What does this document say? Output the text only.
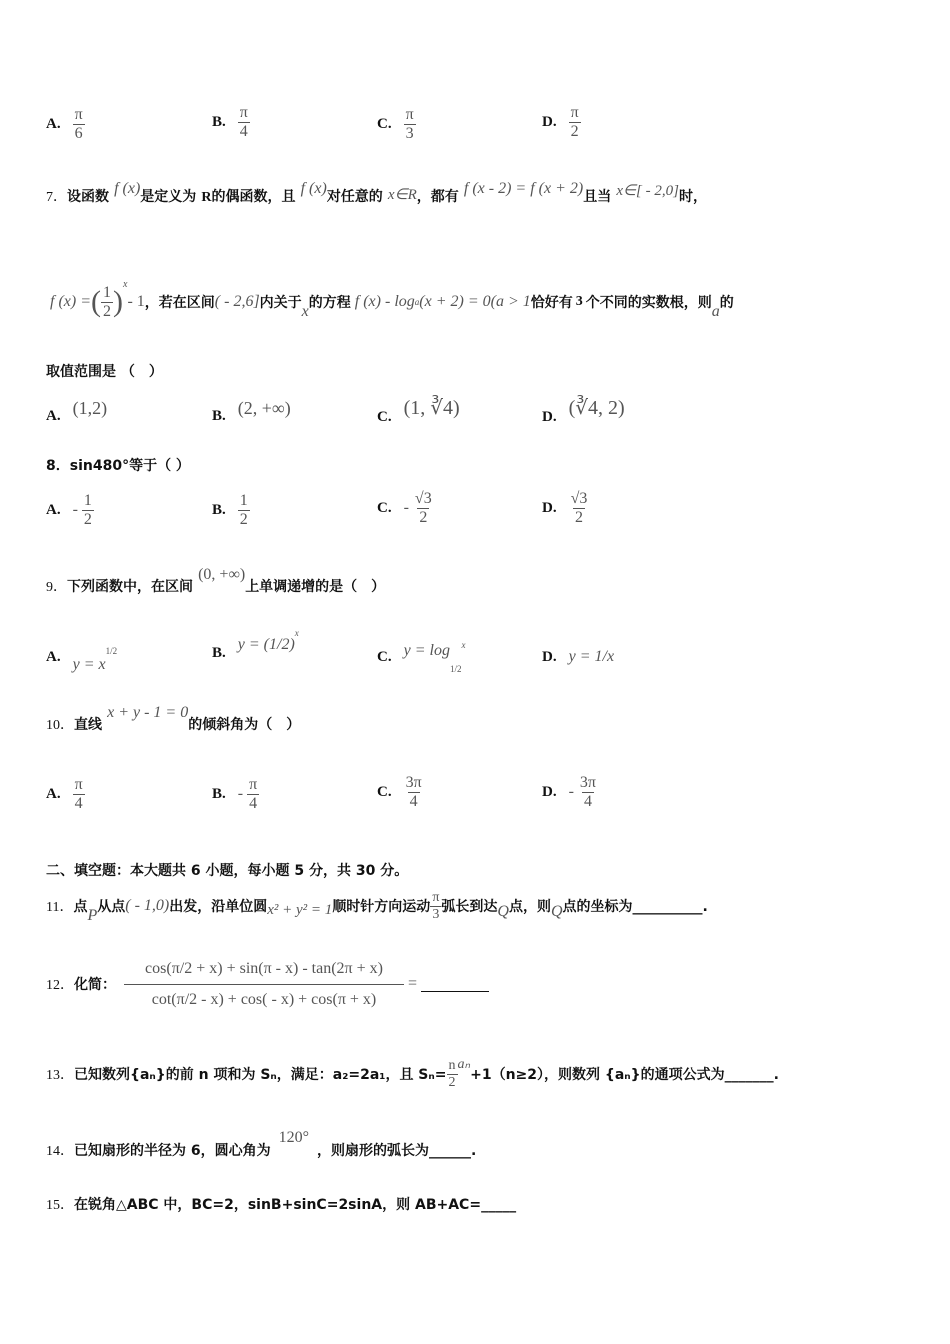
A. $\frac{\pi}{6}$	B. $\frac{\pi}{4}$	C. $\frac{\pi}{3}$	D. $\frac{\pi}{2}$
7．设函数 f (x)是定义为 R的偶函数，且 f (x)对任意的 x∈R，都有 f (x - 2) = f (x + 2)且当 x∈[ - 2,0]时，
f (x) = ( $\frac{1}{2}$ )
x
- 1 ，若在区间 ( - 2,6] 内关于 x 的方程 f (x) - log a (x + 2) = 0(a > 1 恰好有 3 个不同的实数根，则 a 的
取值范围是 （　）
A. (1,2)	B. (2, +∞)	C. (1, ∛4)	D. (∛4, 2)
8．sin480°等于（ ）
A. - $\frac{1}{2}$	B. $\frac{1}{2}$	C. - $\frac{√3}{2}$	D. $\frac{√3}{2}$
9．下列函数中，在区间 (0, +∞)上单调递增的是（　）
A. y = x
$^{1/2}$	B. y = (1/2)
$^x$
C. y = log
$_{1/2}$
$^x$
D. y = 1/x
10．直线 x + y - 1 = 0的倾斜角为（　）
A. $\frac{\pi}{4}$	B. - $\frac{\pi}{4}$	C. $\frac{3\pi}{4}$	D. - $\frac{3\pi}{4}$
二、填空题：本大题共 6 小题，每小题 5 分，共 30 分。
11． 点 P 从点 ( - 1,0) 出发，沿单位圆 x² + y² = 1 顺时针方向运动 $\frac{\pi}{3}$ 弧长到达 Q 点，则 Q 点的坐标为__________.
12． 化简： $\frac{\cos(\pi/2 + x) + \sin(\pi - x) - \tan(2\pi + x)}{\cot(\pi/2 - x) + \cos( - x) + \cos(\pi + x)}$ =
13． 已知数列{aₙ}的前 n 项和为 Sₙ，满足：a₂=2a₁，且 $S_n= \frac{n}{2}$ aₙ
+1（n≥2），则数列 {aₙ}的通项公式为_______.
14． 已知扇形的半径为 6，圆心角为
120°
，则扇形的弧长为______.
15．在锐角△ABC 中，BC=2，sinB+sinC=2sinA，则 AB+AC=_____
